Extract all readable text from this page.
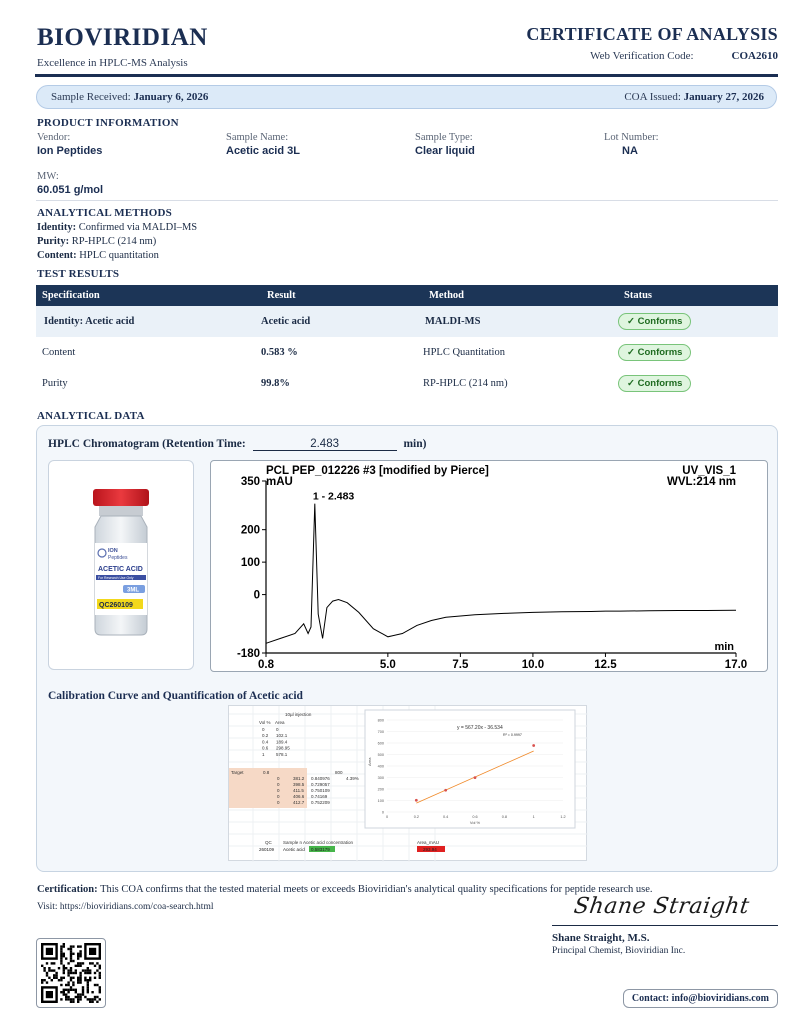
BIOVIRIDIAN
Excellence in HPLC-MS Analysis
CERTIFICATE OF ANALYSIS
Web Verification Code:	COA2610
Sample Received: January 6, 2026	COA Issued: January 27, 2026
PRODUCT INFORMATION
Vendor:
Ion Peptides
Sample Name:
Acetic acid 3L
Sample Type:
Clear liquid
Lot Number:
NA
MW:
60.051 g/mol
ANALYTICAL METHODS
Identity: Confirmed via MALDI–MS
Purity: RP-HPLC (214 nm)
Content: HPLC quantitation
TEST RESULTS
Specification	Result	Method	Status
Identity: Acetic acid	Acetic acid	MALDI-MS	✓ Conforms
Content	0.583 %	HPLC Quantitation	✓ Conforms
Purity	99.8%	RP-HPLC (214 nm)	✓ Conforms
ANALYTICAL DATA
HPLC Chromatogram (Retention Time:	2.483	min)
ION
Peptides
ACETIC ACID
For Research Use Only
3ML
QC260109
PCL PEP_012226 #3 [modified by Pierce]	UV_VIS_1
WVL:214 nm
mAU
350
200
100
0
-180
0.8	5.0	7.5	10.0	12.5	17.0
min
1 - 2.483
Calibration Curve and Quantification of Acetic acid
10µl injection
Vol % Area
0	0
0.2 102.1
0.4 189.4
0.6 298.95
1	578.1
Target	0.8	800
4.39%
0	381.2 0.840976
0	398.5 0.729057
0	411.5 0.750109
0	406.6 0.74169
0	412.7 0.752209
QC	Sample n Acetic acid concentration	Area_mAU
260109 Acetic acid 0.583179	293.94
0
100
200
300
400
500
600
700
800
0	0.2	0.4	0.6	0.8	1	1.2
Vol %
Area
y = 567.20x - 36.534
R² = 0.9997
Certification: This COA confirms that the tested material meets or exceeds Bioviridian's analytical quality specifications for peptide research use.
Visit: https://bioviridians.com/coa-search.html	Shane Straight
Shane Straight, M.S.
Principal Chemist, Bioviridian Inc.
Contact: info@bioviridians.com
